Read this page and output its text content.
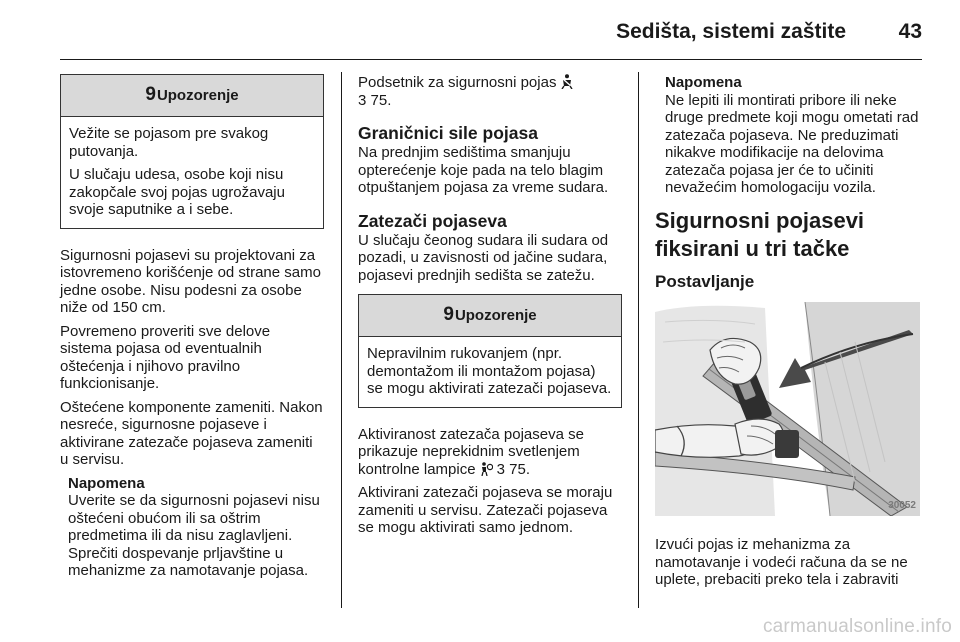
Sedišta, sistemi zaštite	43
9 Upozorenje

Vežite se pojasom pre svakog putovanja.

U slučaju udesa, osobe koji nisu zakopčale svoj pojas ugrožavaju svoje saputnike a i sebe.

Sigurnosni pojasevi su projektovani za istovremeno korišćenje od strane samo jedne osobe. Nisu podesni za osobe niže od 150 cm.

Povremeno proveriti sve delove sistema pojasa od eventualnih oštećenja i njihovo pravilno funkcionisanje.

Oštećene komponente zameniti. Nakon nesreće, sigurnosne pojaseve i aktivirane zatezače pojaseva zameniti u servisu.

Napomena
Uverite se da sigurnosni pojasevi nisu oštećeni obućom ili sa oštrim predmetima ili da nisu zaglavljeni. Sprečiti dospevanje prljavštine u mehanizme za namotavanje pojasa.

Podsetnik za sigurnosni pojas
3 75.

Graničnici sile pojasa

Na prednjim sedištima smanjuju opterećenje koje pada na telo blagim otpuštanjem pojasa za vreme sudara.

Zatezači pojaseva

U slučaju čeonog sudara ili sudara od pozadi, u zavisnosti od jačine sudara, pojasevi prednjih sedišta se zatežu.

9 Upozorenje

Nepravilnim rukovanjem (npr. demontažom ili montažom pojasa) se mogu aktivirati zatezači pojaseva.

Aktiviranost zatezača pojaseva se prikazuje neprekidnim svetlenjem kontrolne lampice 3 75.

Aktivirani zatezači pojaseva se moraju zameniti u servisu. Zatezači pojaseva se mogu aktivirati samo jednom.

Napomena
Ne lepiti ili montirati pribore ili neke druge predmete koji mogu ometati rad zatezača pojaseva. Ne preduzimati nikakve modifikacije na delovima zatezača pojasa jer će to učiniti nevažećim homologaciju vozila.
Sigurnosni pojasevi
fiksirani u tri tačke
Postavljanje
30052

Izvući pojas iz mehanizma za namotavanje i vodeći računa da se ne uplete, prebaciti preko tela i zabraviti

carmanualsonline.info
